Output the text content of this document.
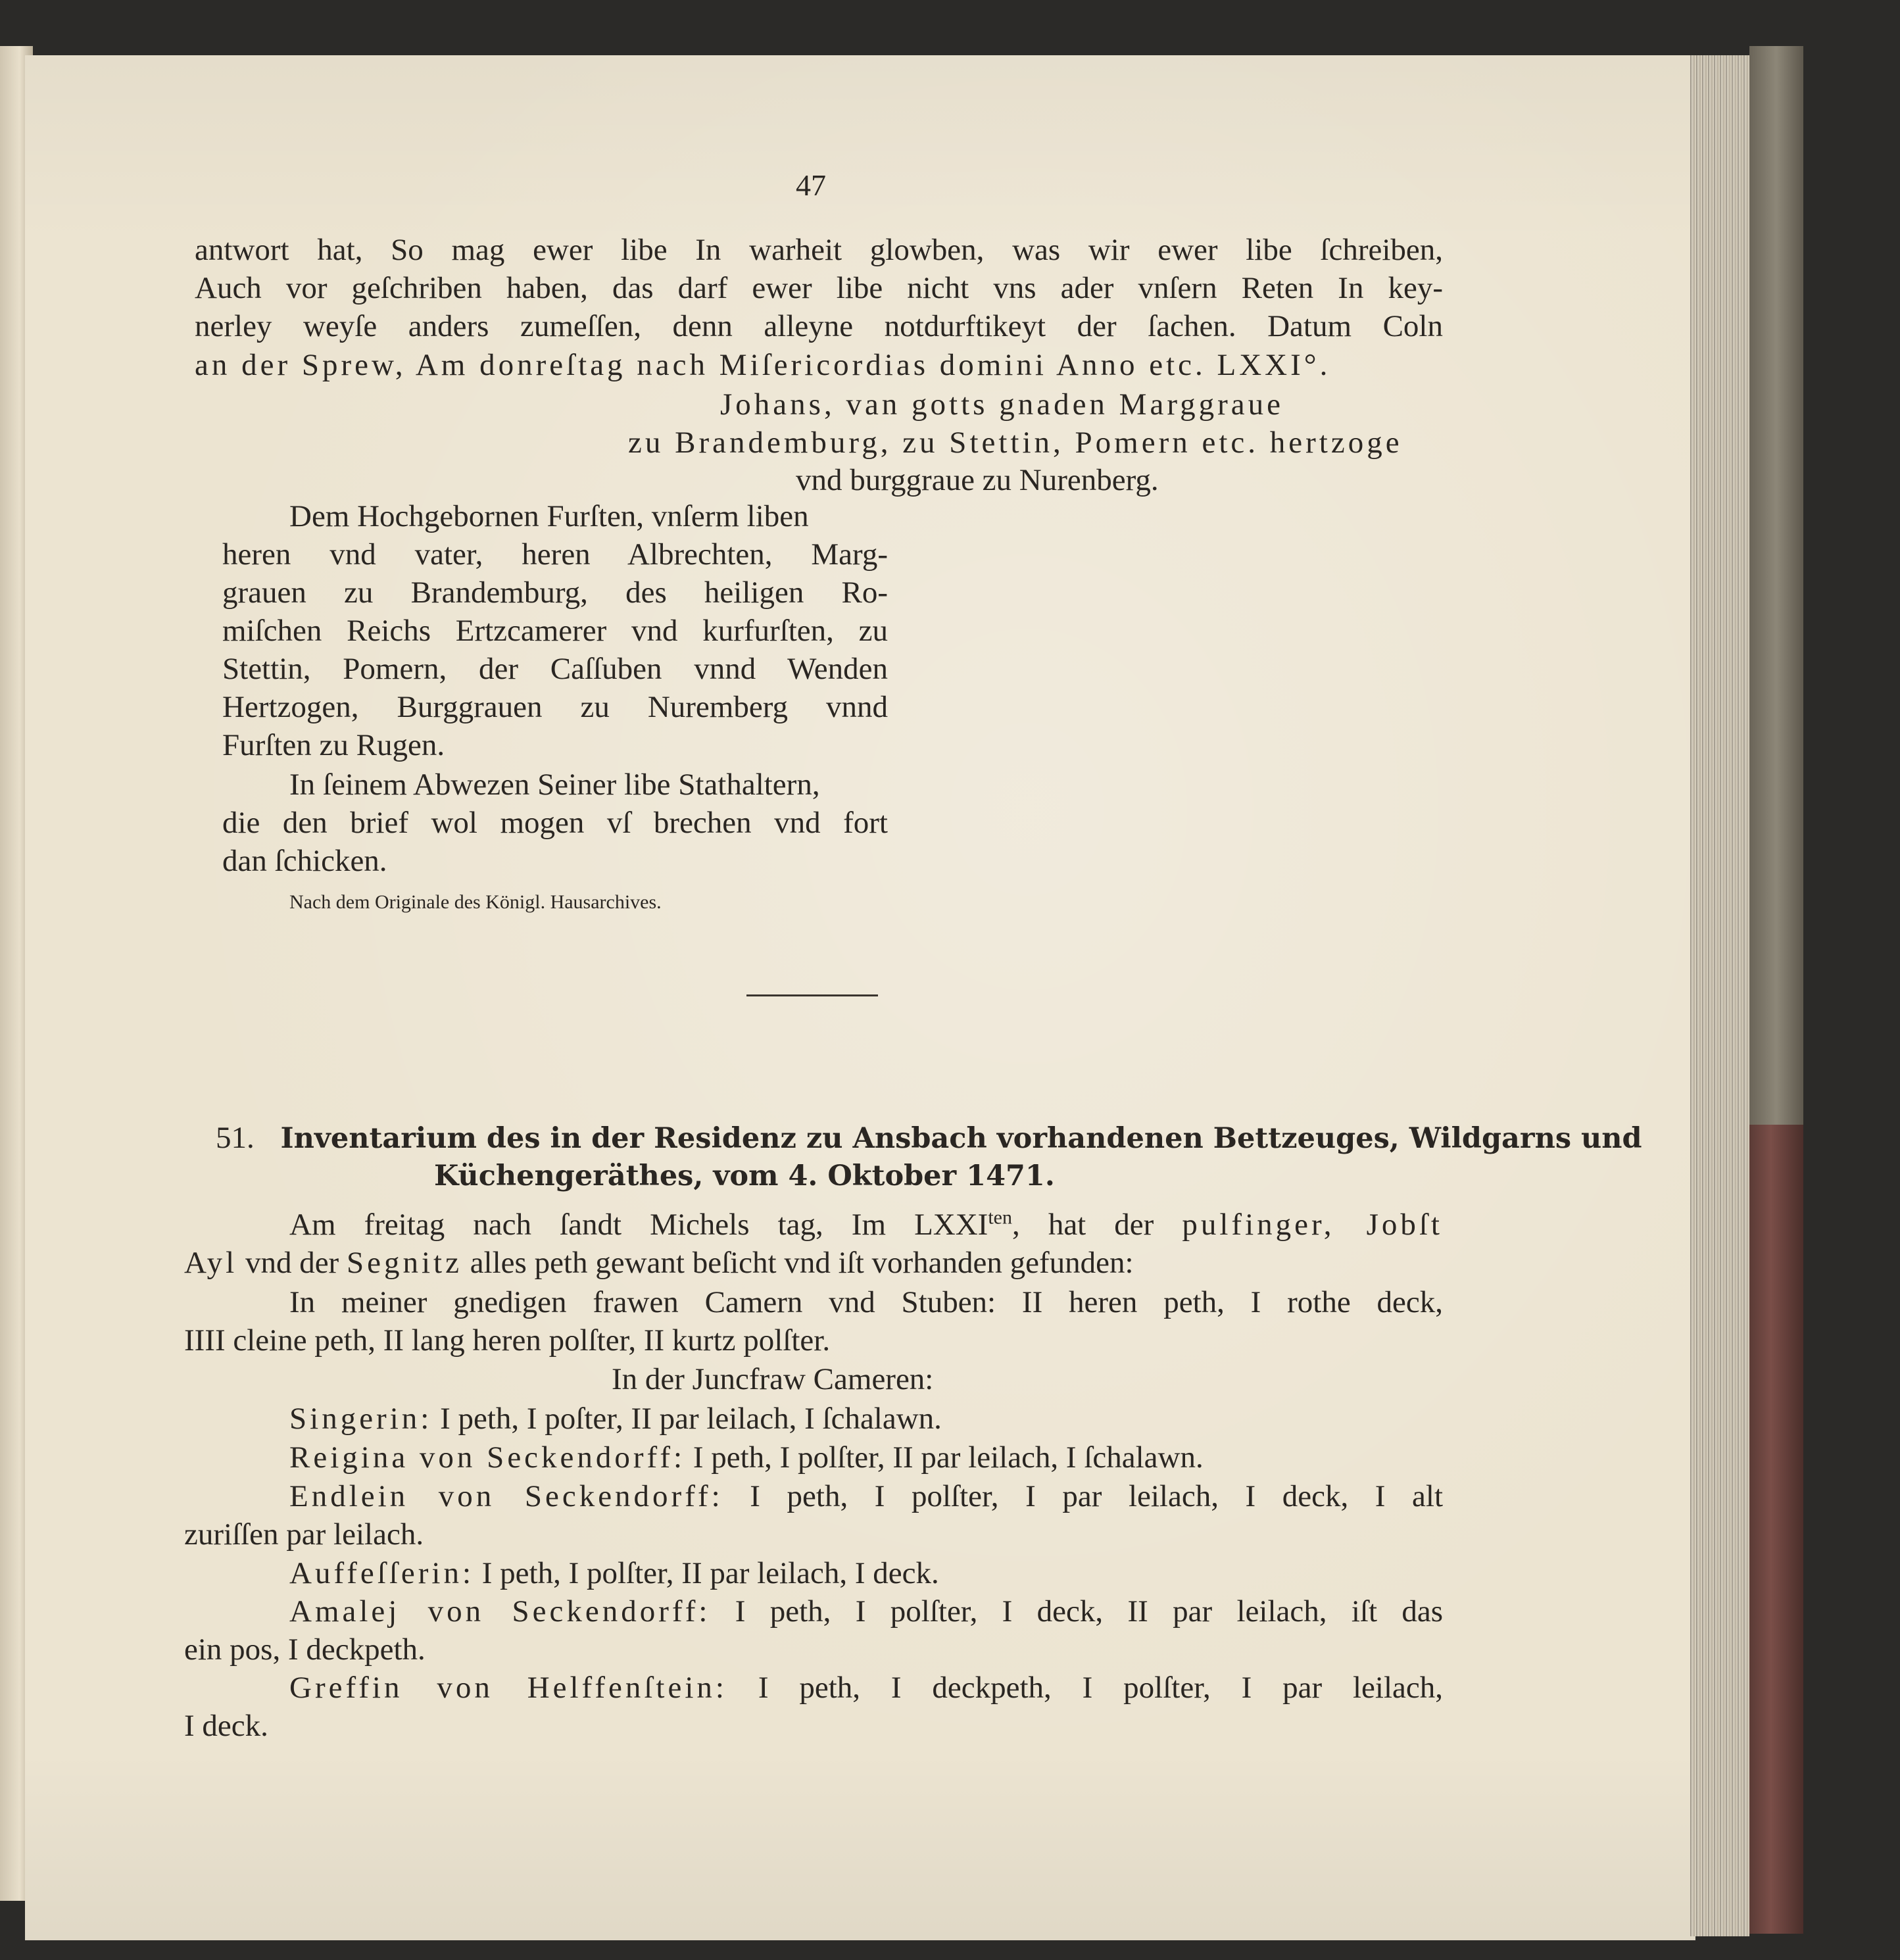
47
antwort hat, So mag ewer libe In warheit glowben, was wir ewer libe ſchreiben,
Auch vor geſchriben haben, das darf ewer libe nicht vns ader vnſern Reten In key-
nerley weyſe anders zumeſſen, denn alleyne notdurftikeyt der ſachen. Datum Coln
an der Sprew, Am donreſtag nach Miſericordias domini Anno etc. LXXI°.
Johans, van gotts gnaden Marggraue
zu Brandemburg, zu Stettin, Pomern etc. hertzoge
vnd burggraue zu Nurenberg.
Dem Hochgebornen Furſten, vnſerm liben
heren vnd vater, heren Albrechten, Marg-
grauen zu Brandemburg, des heiligen Ro-
miſchen Reichs Ertzcamerer vnd kurfurſten, zu
Stettin, Pomern, der Caſſuben vnnd Wenden
Hertzogen, Burggrauen zu Nuremberg vnnd
Furſten zu Rugen.
In ſeinem Abwezen Seiner libe Stathaltern,
die den brief wol mogen vſ brechen vnd fort
dan ſchicken.
Nach dem Originale des Königl. Hausarchives.
51. Inventarium des in der Residenz zu Ansbach vorhandenen Bettzeuges, Wildgarns und
Küchengeräthes, vom 4. Oktober 1471.
Am freitag nach ſandt Michels tag, Im $LXXI^{ten}$, hat der pulfinger, Jobſt
Ayl vnd der Segnitz alles peth gewant beſicht vnd iſt vorhanden gefunden:
In meiner gnedigen frawen Camern vnd Stuben: II heren peth, I rothe deck,
IIII cleine peth, II lang heren polſter, II kurtz polſter.
In der Juncfraw Cameren:
Singerin: I peth, I poſter, II par leilach, I ſchalawn.
Reigina von Seckendorff: I peth, I polſter, II par leilach, I ſchalawn.
Endlein von Seckendorff: I peth, I polſter, I par leilach, I deck, I alt
zuriſſen par leilach.
Auffeſſerin: I peth, I polſter, II par leilach, I deck.
Amalej von Seckendorff: I peth, I polſter, I deck, II par leilach, iſt das
ein pos, I deckpeth.
Greffin von Helffenſtein: I peth, I deckpeth, I polſter, I par leilach,
I deck.
